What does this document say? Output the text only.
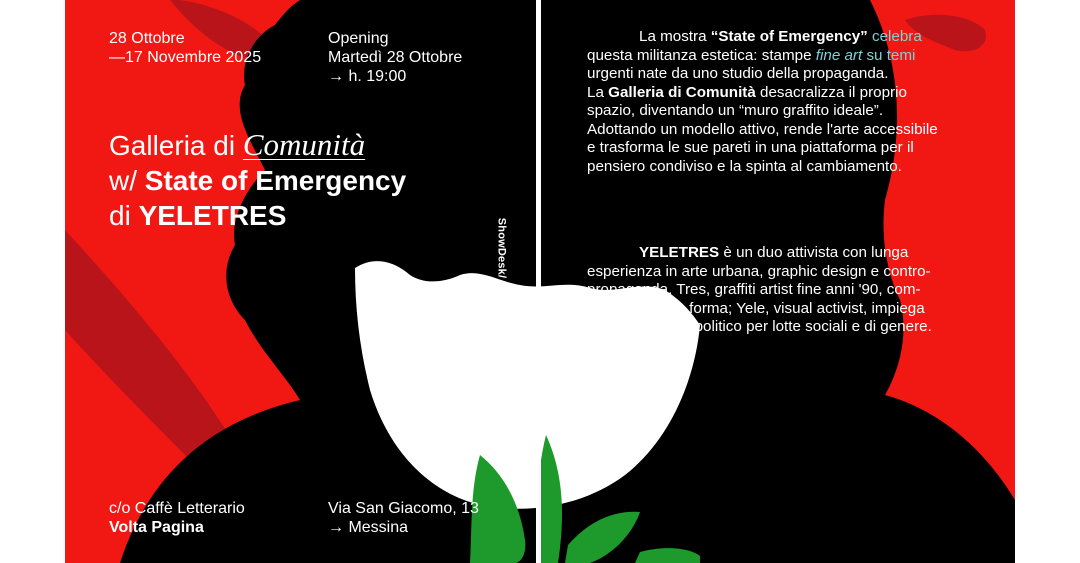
28 Ottobre
—17 Novembre 2025
Opening
Martedì 28 Ottobre
→ h. 19:00
Galleria di Comunità
w/ State of Emergency
di YELETRES
ShowDesk/
c/o Caffè Letterario
Volta Pagina
Via San Giacomo, 13
→ Messina
La mostra “State of Emergency” celebra
questa militanza estetica: stampe fine art su temi
urgenti nate da uno studio della propaganda.
La Galleria di Comunità desacralizza il proprio
spazio, diventando un “muro graffito ideale”.
Adottando un modello attivo, rende l'arte accessibile
e trasforma le sue pareti in una piattaforma per il
pensiero condiviso e la spinta al cambiamento.
YELETRES è un duo attivista con lunga
esperienza in arte urbana, graphic design e contro-
propaganda. Tres, graffiti artist fine anni '90, com-
bina estetica e forma; Yele, visual activist, impiega
l'arte come atto politico per lotte sociali e di genere.
